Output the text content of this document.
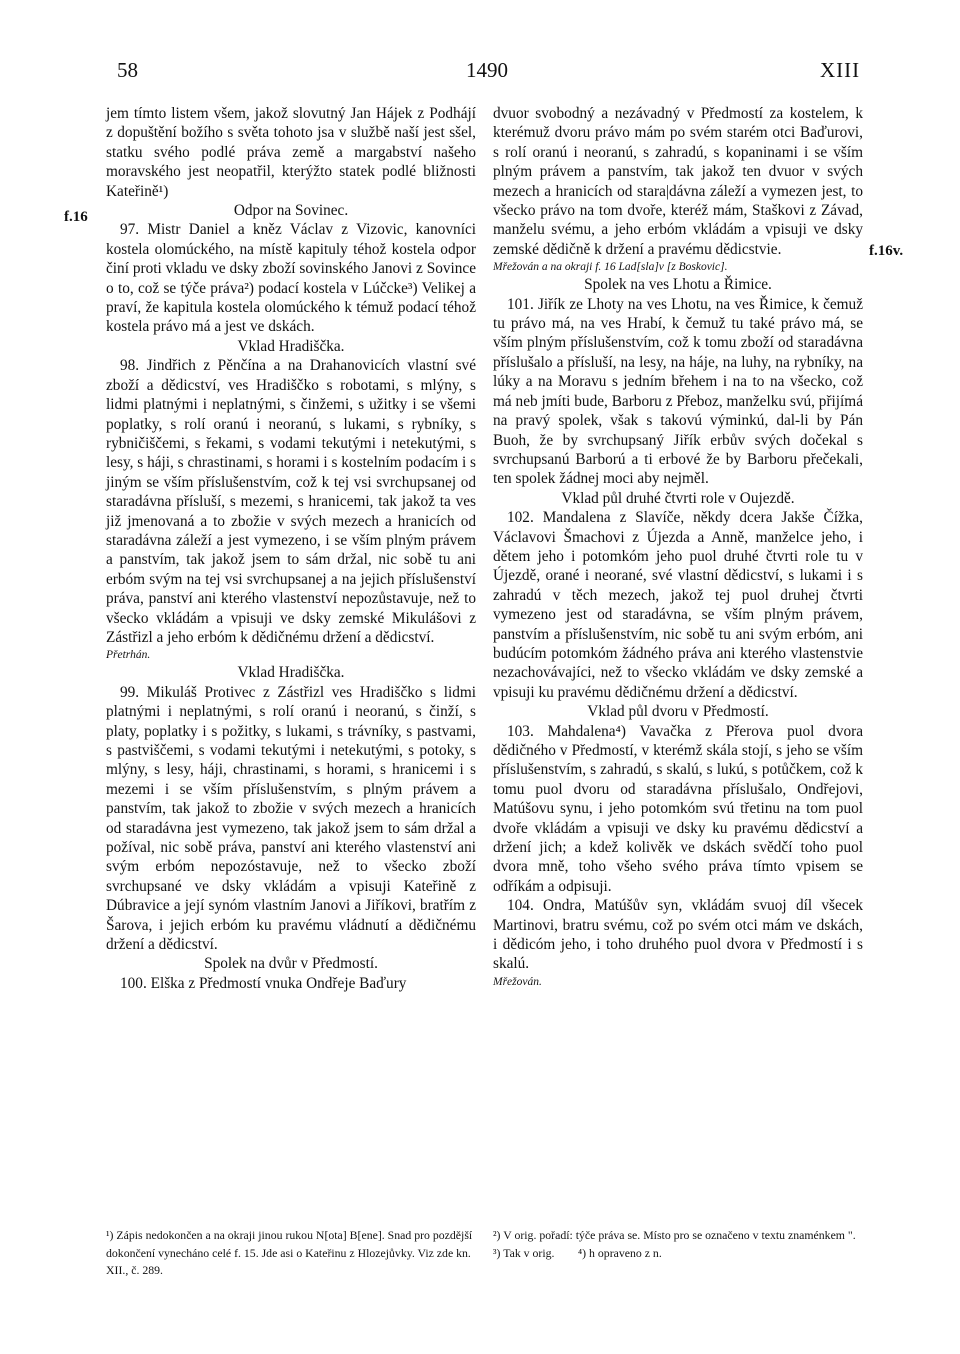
58	1490	XIII
f.16
f.16v.

jem tímto listem všem, jakož slovutný Jan Hájek z Podhájí z dopuštění božího s světa tohoto jsa v službě naší jest sšel, statku svého podlé práva země a margabství našeho moravského jest neopatřil, kterýžto statek podlé bližnosti Kateřině¹)

Odpor na Sovinec.

97. Mistr Daniel a kněz Václav z Vizovic, kanovníci kostela olomúckého, na místě kapituly téhož kostela odpor činí proti vkladu ve dsky zboží sovinského Janovi z Sovince o to, což se týče práva²) podací kostela v Lúčcke³) Velikej a praví, že kapitula kostela olomúckého k témuž podací téhož kostela právo má a jest ve dskách.

Vklad Hradiščka.

98. Jindřich z Pěnčína a na Drahanovicích vlastní své zboží a dědicství, ves Hradiščko s robotami, s mlýny, s lidmi platnými i neplatnými, s činžemi, s užitky i se všemi poplatky, s rolí oranú i neoranú, s lukami, s rybníky, s rybničiščemi, s řekami, s vodami tekutými i netekutými, s lesy, s háji, s chrastinami, s horami i s kostelním podacím i s jiným se vším příslušenstvím, což k tej vsi svrchupsanej od staradávna přísluší, s mezemi, s hranicemi, tak jakož ta ves již jmenovaná a to zbožie v svých mezech a hranicích od staradávna záleží a jest vymezeno, i se vším plným právem a panstvím, tak jakož jsem to sám držal, nic sobě tu ani erbóm svým na tej vsi svrchupsanej a na jejich příslušenství práva, panství ani kterého vlastenství nepozůstavuje, než to všecko vkládám a vpisuji ve dsky zemské Mikulášovi z Zástřizl a jeho erbóm k dědičnému držení a dědicství.

Přetrhán.

Vklad Hradiščka.

99. Mikuláš Protivec z Zástřizl ves Hradiščko s lidmi platnými i neplatnými, s rolí oranú i neoranú, s činží, s platy, poplatky i s požitky, s lukami, s trávníky, s pastvami, s pastviščemi, s vodami tekutými i netekutými, s potoky, s mlýny, s lesy, háji, chrastinami, s horami, s hranicemi i s mezemi i se vším příslušenstvím, s plným právem a panstvím, tak jakož to zbožie v svých mezech a hranicích od staradávna jest vymezeno, tak jakož jsem to sám držal a požíval, nic sobě práva, panství ani kterého vlastenství ani svým erbóm nepozóstavuje, než to všecko zboží svrchupsané ve dsky vkládám a vpisuji Kateřině z Dúbravice a její synóm vlastním Janovi a Jiříkovi, bratřím z Šarova, i jejich erbóm ku pravému vládnutí a dědičnému držení a dědicství.

Spolek na dvůr v Předmostí.

100. Elška z Předmostí vnuka Ondřeje Baďury

dvuor svobodný a nezávadný v Předmostí za kostelem, k kterémuž dvoru právo mám po svém starém otci Baďurovi, s rolí oranú i neoranú, s zahradú, s kopaninami i se vším plným právem a panstvím, tak jakož ten dvuor v svých mezech a hranicích od stara|dávna záleží a vymezen jest, to všecko právo na tom dvoře, kteréž mám, Staškovi z Závad, manželu svému, a jeho erbóm vkládám a vpisuji ve dsky zemské dědičně k držení a pravému dědicstvie.

Mřežován a na okraji f. 16 Lad[sla]v [z Boskovic].

Spolek na ves Lhotu a Řimice.

101. Jiřík ze Lhoty na ves Lhotu, na ves Řimice, k čemuž tu právo má, na ves Hrabí, k čemuž tu také právo má, se vším plným příslušenstvím, což k tomu zboží od staradávna příslušalo a přísluší, na lesy, na háje, na luhy, na rybníky, na lúky a na Moravu s jedním břehem i na to na všecko, což má neb jmíti bude, Barboru z Přeboz, manželku svú, přijímá na pravý spolek, však s takovú výminkú, dal-li by Pán Buoh, že by svrchupsaný Jiřík erbův svých dočekal s svrchupsanú Barború a ti erbové že by Barboru přečekali, ten spolek žádnej moci aby nejměl.

Vklad půl druhé čtvrti role v Oujezdě.

102. Mandalena z Slavíče, někdy dcera Jakše Čížka, Václavovi Šmachovi z Újezda a Anně, manželce jeho, i dětem jeho i potomkóm jeho puol druhé čtvrti role tu v Újezdě, orané i neorané, své vlastní dědicství, s lukami i s zahradú v těch mezech, jakož tej puol druhej čtvrti vymezeno jest od staradávna, se vším plným právem, panstvím a příslušenstvím, nic sobě tu ani svým erbóm, ani budúcím potomkóm žádného práva ani kterého vlastenstvie nezachovávajíci, než to všecko vkládám ve dsky zemské a vpisuji ku pravému dědičnému držení a dědicství.

Vklad půl dvoru v Předmostí.

103. Mahdalena⁴) Vavačka z Přerova puol dvora dědičného v Předmostí, v kterémž skála stojí, s jeho se vším příslušenstvím, s zahradú, s skalú, s lukú, s potůčkem, což k tomu puol dvoru od staradávna příslušalo, Ondřejovi, Matúšovu synu, i jeho potomkóm svú třetinu na tom puol dvoře vkládám a vpisuji ve dsky ku pravému dědicství a držení jich; a kdež kolivěk ve dskách svědčí toho puol dvora mně, toho všeho svého práva tímto vpisem se odříkám a odpisuji.

104. Ondra, Matúšův syn, vkládám svuoj díl všecek Martinovi, bratru svému, což po svém otci mám ve dskách, i dědicóm jeho, i toho druhého puol dvora v Předmostí i s skalú.

Mřežován.

¹) Zápis nedokončen a na okraji jinou rukou N[ota] B[ene]. Snad pro pozdější dokončení vynecháno celé f. 15. Jde asi o Kateřinu z Hlozejůvky. Viz zde kn. XII., č. 289.

²) V orig. pořadí: týče práva se. Místo pro se označeno v textu znaménkem ".

³) Tak v orig.        ⁴) h opraveno z n.
